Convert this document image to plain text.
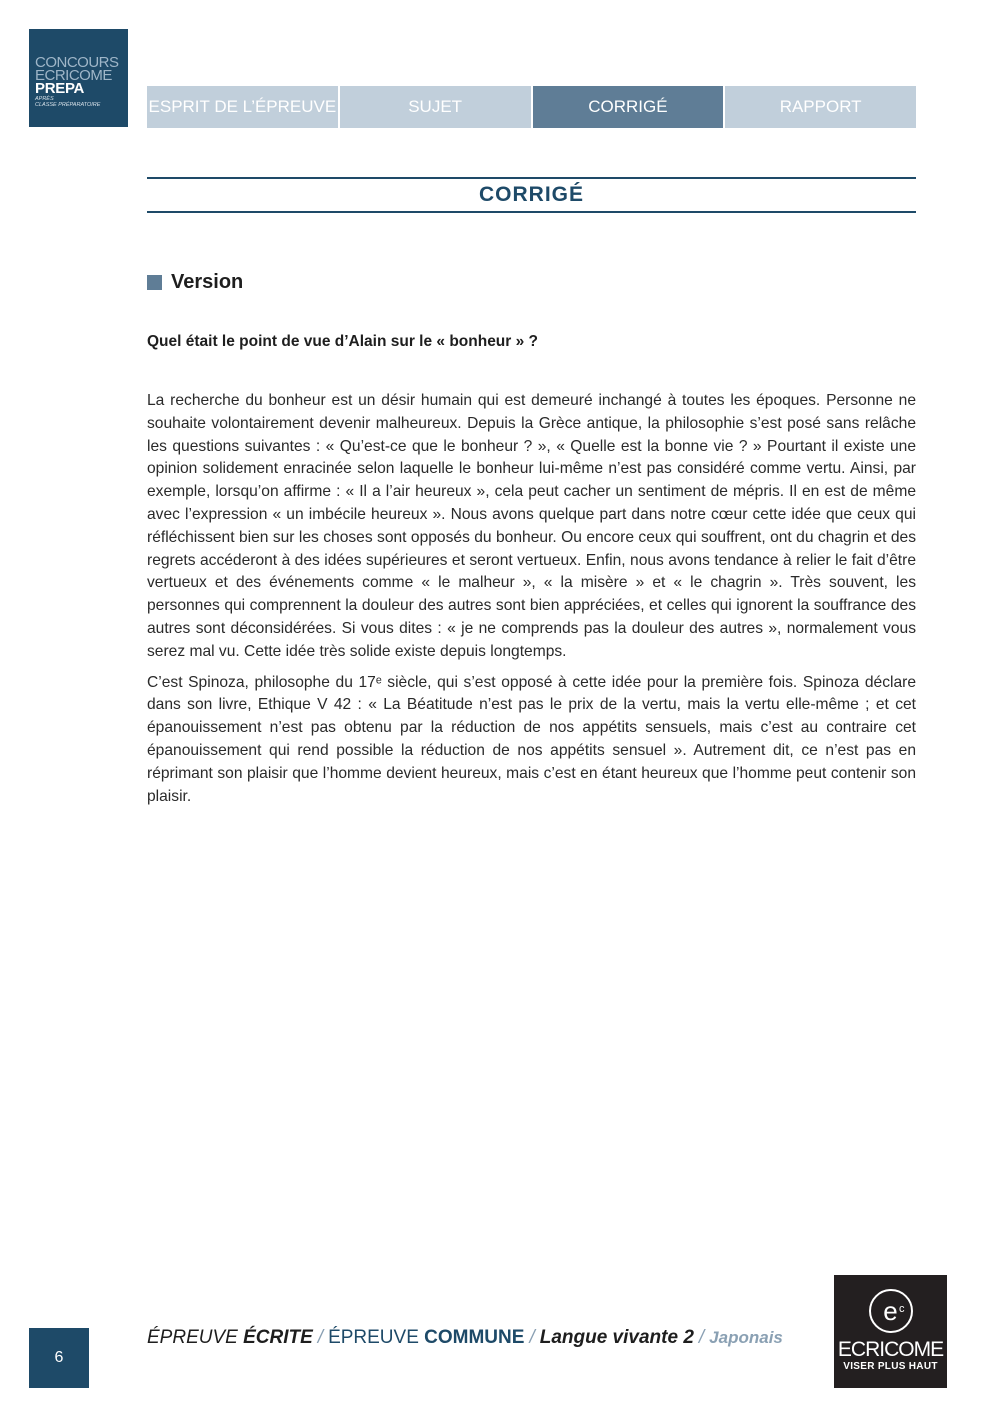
CONCOURS
ECRICOME
PREPA
APRÈS
CLASSE PRÉPARATOIRE	ESPRIT DE L’ÉPREUVE	SUJET	CORRIGÉ	RAPPORT
CORRIGÉ
Version
Quel était le point de vue d’Alain sur le « bonheur » ?

La recherche du bonheur est un désir humain qui est demeuré inchangé à toutes les époques. Personne ne souhaite volontairement devenir malheureux. Depuis la Grèce antique, la philosophie s’est posé sans relâche les questions suivantes : « Qu’est-ce que le bonheur ? », « Quelle est la bonne vie ? » Pourtant il existe une opinion solidement enracinée selon laquelle le bonheur lui-même n’est pas considéré comme vertu. Ainsi, par exemple, lorsqu’on affirme : « Il a l’air heureux », cela peut cacher un sentiment de mépris. Il en est de même avec l’expression « un imbécile heureux ». Nous avons quelque part dans notre cœur cette idée que ceux qui réfléchissent bien sur les choses sont opposés du bonheur. Ou encore ceux qui souffrent, ont du chagrin et des regrets accéderont à des idées supérieures et seront vertueux. Enfin, nous avons tendance à relier le fait d’être vertueux et des événements comme « le malheur », « la misère » et « le chagrin ». Très souvent, les personnes qui comprennent la douleur des autres sont bien appréciées, et celles qui ignorent la souffrance des autres sont déconsidérées. Si vous dites : « je ne comprends pas la douleur des autres », normalement vous serez mal vu. Cette idée très solide existe depuis longtemps.

C’est Spinoza, philosophe du 17ᵉ siècle, qui s’est opposé à cette idée pour la première fois. Spinoza déclare dans son livre, Ethique V 42 : « La Béatitude n’est pas le prix de la vertu, mais la vertu elle-même ; et cet épanouissement n’est pas obtenu par la réduction de nos appétits sensuels, mais c’est au contraire cet épanouissement qui rend possible la réduction de nos appétits sensuel ». Autrement dit, ce n’est pas en réprimant son plaisir que l’homme devient heureux, mais c’est en étant heureux que l’homme peut contenir son plaisir.

6
ÉPREUVE ÉCRITE / ÉPREUVE COMMUNE / Langue vivante 2 / Japonais
e c
ECRICOME
VISER PLUS HAUT
